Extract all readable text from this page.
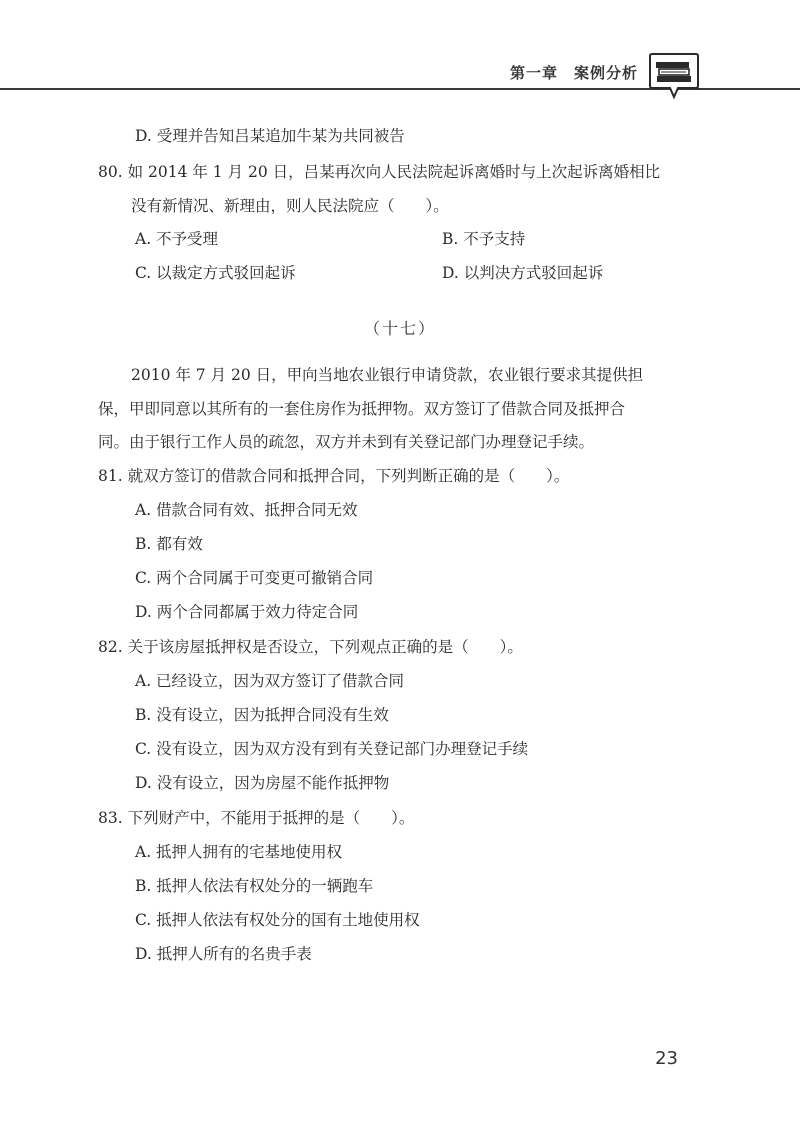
第一章　案例分析
D. 受理并告知吕某追加牛某为共同被告
80. 如 2014 年 1 月 20 日，吕某再次向人民法院起诉离婚时与上次起诉离婚相比
没有新情况、新理由，则人民法院应（　　）。
A. 不予受理	B. 不予支持
C. 以裁定方式驳回起诉	D. 以判决方式驳回起诉
（十七）
2010 年 7 月 20 日，甲向当地农业银行申请贷款，农业银行要求其提供担
保，甲即同意以其所有的一套住房作为抵押物。双方签订了借款合同及抵押合
同。由于银行工作人员的疏忽，双方并未到有关登记部门办理登记手续。
81. 就双方签订的借款合同和抵押合同，下列判断正确的是（　　）。
A. 借款合同有效、抵押合同无效
B. 都有效
C. 两个合同属于可变更可撤销合同
D. 两个合同都属于效力待定合同
82. 关于该房屋抵押权是否设立，下列观点正确的是（　　）。
A. 已经设立，因为双方签订了借款合同
B. 没有设立，因为抵押合同没有生效
C. 没有设立，因为双方没有到有关登记部门办理登记手续
D. 没有设立，因为房屋不能作抵押物
83. 下列财产中，不能用于抵押的是（　　）。
A. 抵押人拥有的宅基地使用权
B. 抵押人依法有权处分的一辆跑车
C. 抵押人依法有权处分的国有土地使用权
D. 抵押人所有的名贵手表
23
